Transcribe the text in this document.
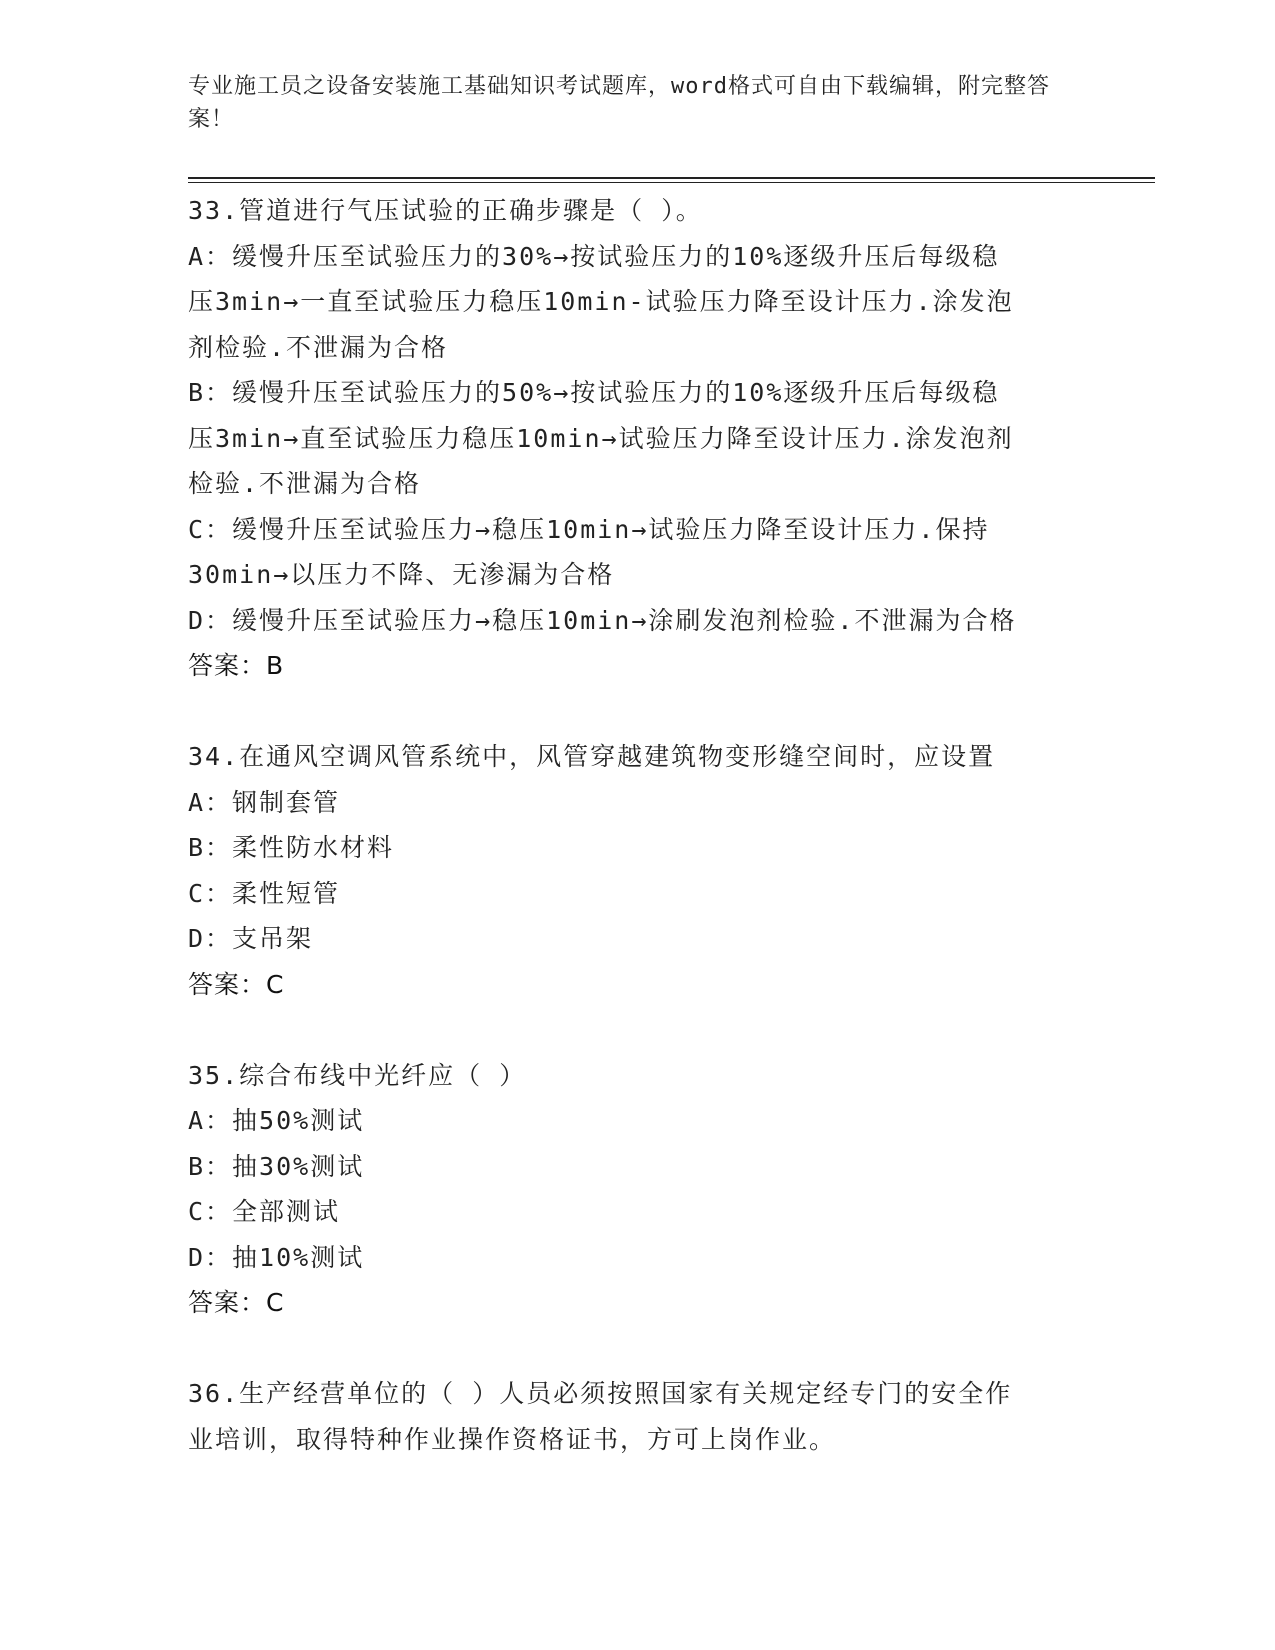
专业施工员之设备安装施工基础知识考试题库，word格式可自由下载编辑，附完整答案！
33.管道进行气压试验的正确步骤是（ ）。
A：缓慢升压至试验压力的30%→按试验压力的10%逐级升压后每级稳
压3min→一直至试验压力稳压10min-试验压力降至设计压力.涂发泡
剂检验.不泄漏为合格
B：缓慢升压至试验压力的50%→按试验压力的10%逐级升压后每级稳
压3min→直至试验压力稳压10min→试验压力降至设计压力.涂发泡剂
检验.不泄漏为合格
C：缓慢升压至试验压力→稳压10min→试验压力降至设计压力.保持
30min→以压力不降、无渗漏为合格
D：缓慢升压至试验压力→稳压10min→涂刷发泡剂检验.不泄漏为合格
答案：B
34.在通风空调风管系统中，风管穿越建筑物变形缝空间时，应设置
A：钢制套管
B：柔性防水材料
C：柔性短管
D：支吊架
答案：C
35.综合布线中光纤应（ ）
A：抽50%测试
B：抽30%测试
C：全部测试
D：抽10%测试
答案：C
36.生产经营单位的（ ）人员必须按照国家有关规定经专门的安全作
业培训，取得特种作业操作资格证书，方可上岗作业。
